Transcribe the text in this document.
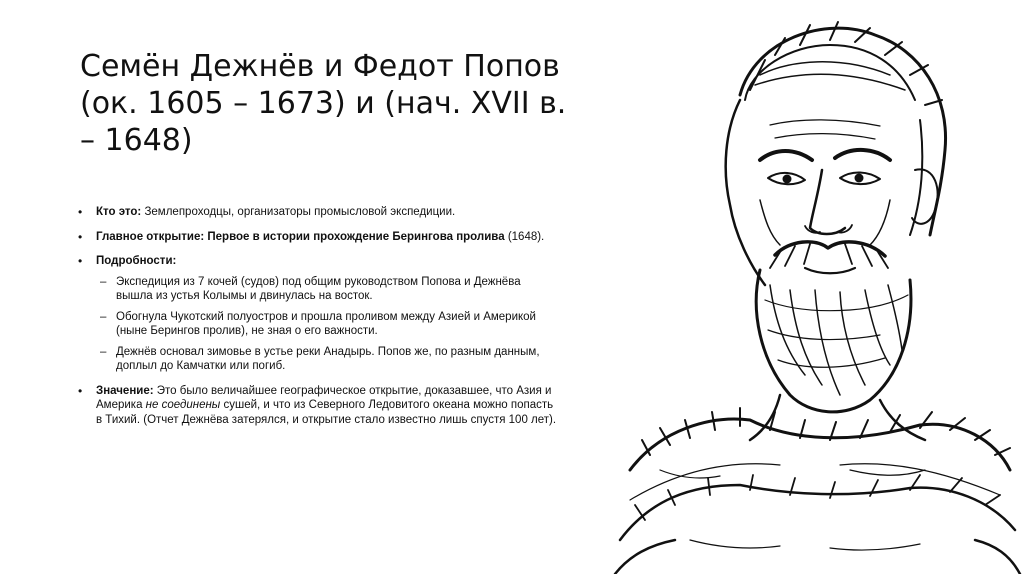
Семён Дежнёв и Федот Попов (ок. 1605 – 1673) и (нач. XVII в. – 1648)
• Кто это: Землепроходцы, организаторы промысловой экспедиции.
• Главное открытие: Первое в истории прохождение Берингова пролива (1648).
• Подробности:
– Экспедиция из 7 кочей (судов) под общим руководством Попова и Дежнёва вышла из устья Колымы и двинулась на восток.
– Обогнула Чукотский полуостров и прошла проливом между Азией и Америкой (ныне Берингов пролив), не зная о его важности.
– Дежнёв основал зимовье в устье реки Анадырь. Попов же, по разным данным, доплыл до Камчатки или погиб.
• Значение: Это было величайшее географическое открытие, доказавшее, что Азия и Америка не соединены сушей, и что из Северного Ледовитого океана можно попасть в Тихий. (Отчет Дежнёва затерялся, и открытие стало известно лишь спустя 100 лет).
